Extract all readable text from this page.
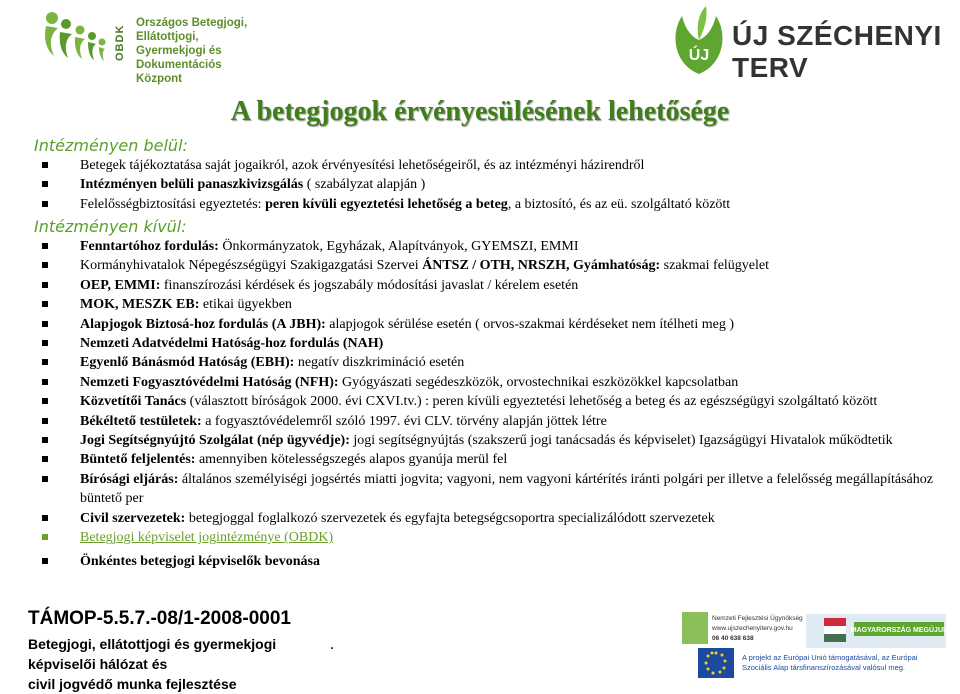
OBDK
Országos Betegjogi,
Ellátottjogi, Gyermekjogi és
Dokumentációs Központ
ÚJ
ÚJ SZÉCHENYI TERV
A betegjogok érvényesülésének lehetősége
Intézményen belül:
Betegek tájékoztatása saját jogaikról, azok érvényesítési lehetőségeiről, és az intézményi házirendről
Intézményen belüli panaszkivizsgálás ( szabályzat alapján )
Felelősségbiztosítási egyeztetés: peren kívüli egyeztetési lehetőség a beteg, a biztosító, és az eü. szolgáltató között
Intézményen kívül:
Fenntartóhoz fordulás: Önkormányzatok, Egyházak, Alapítványok, GYEMSZI, EMMI
Kormányhivatalok Népegészségügyi Szakigazgatási Szervei ÁNTSZ / OTH, NRSZH, Gyámhatóság: szakmai felügyelet
OEP, EMMI: finanszírozási kérdések és jogszabály módosítási javaslat / kérelem esetén
MOK, MESZK EB: etikai ügyekben
Alapjogok Biztosá-hoz fordulás (A JBH): alapjogok sérülése esetén ( orvos-szakmai kérdéseket nem ítélheti meg )
Nemzeti Adatvédelmi Hatóság-hoz fordulás (NAH)
Egyenlő Bánásmód Hatóság (EBH): negatív diszkrimináció esetén
Nemzeti Fogyasztóvédelmi Hatóság (NFH): Gyógyászati segédeszközök, orvostechnikai eszközökkel kapcsolatban
Közvetítői Tanács (választott bíróságok 2000. évi CXVI.tv.) : peren kívüli egyeztetési lehetőség a beteg és az egészségügyi szolgáltató között
Békéltető testületek: a fogyasztóvédelemről szóló 1997. évi CLV. törvény alapján jöttek létre
Jogi Segítségnyújtó Szolgálat (nép ügyvédje): jogi segítségnyújtás (szakszerű jogi tanácsadás és képviselet) Igazságügyi Hivatalok működtetik
Büntető feljelentés: amennyiben kötelességszegés alapos gyanúja merül fel
Bírósági eljárás: általános személyiségi jogsértés miatti jogvita; vagyoni, nem vagyoni kártérítés iránti polgári per illetve a felelősség megállapításához büntető per
Civil szervezetek: betegjoggal foglalkozó szervezetek és egyfajta betegségcsoportra specializálódott szervezetek
Betegjogi képviselet jogintézménye (OBDK)
Önkéntes betegjogi képviselők bevonása
TÁMOP-5.5.7.-08/1-2008-0001
Betegjogi, ellátottjogi és gyermekjogi
képviselői hálózat és
civil jogvédő munka fejlesztése
.
MAGYARORSZÁG MEGÚJUL
Nemzeti Fejlesztési Ügynökség
www.ujszechenyiterv.gov.hu
06 40 638 638
A projekt az Európai Unió támogatásával, az Európai
Szociális Alap társfinanszírozásával valósul meg.
